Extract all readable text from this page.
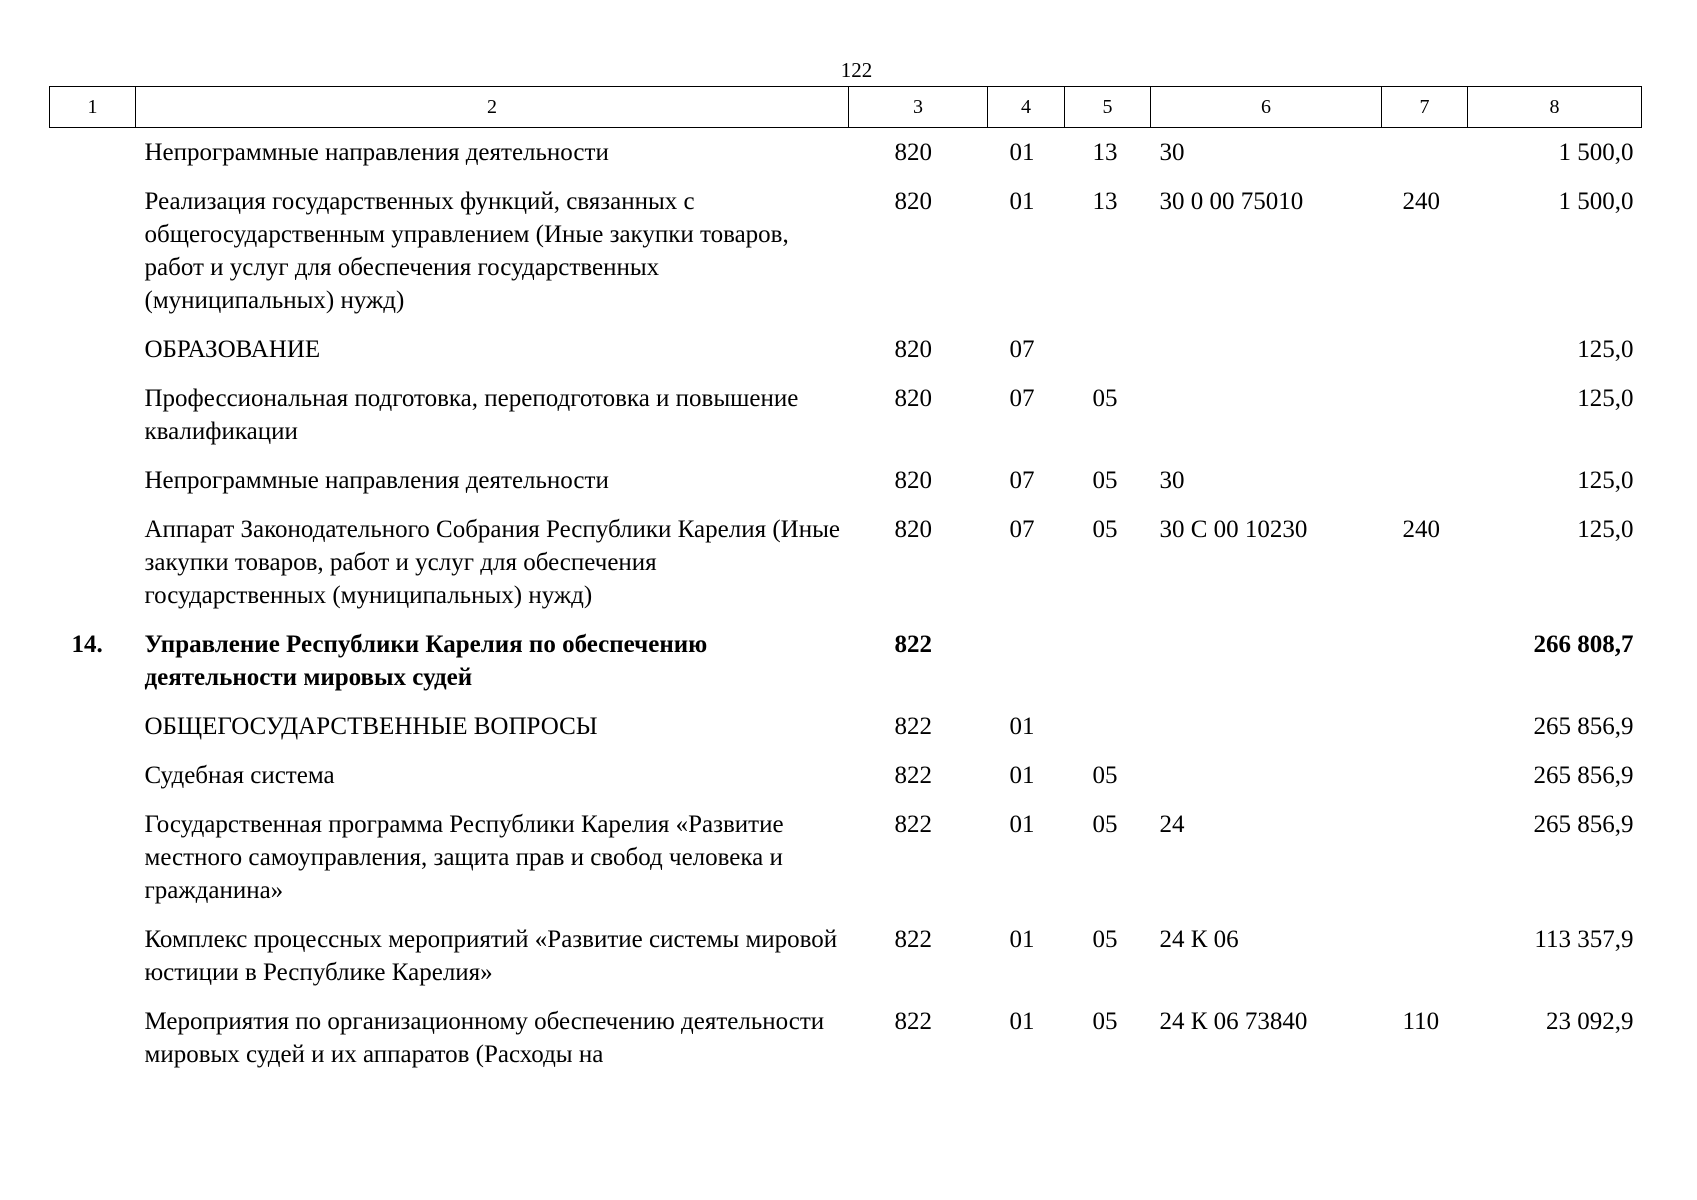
122
1	2	3	4	5	6	7	8
	Непрограммные направления деятельности	820	01	13	30		1 500,0
	Реализация государственных функций, связанных с общегосударственным управлением (Иные закупки товаров, работ и услуг для обеспечения государственных (муниципальных) нужд)	820	01	13	30 0 00 75010	240	1 500,0
	ОБРАЗОВАНИЕ	820	07				125,0
	Профессиональная подготовка, переподготовка и повышение квалификации	820	07	05			125,0
	Непрограммные направления деятельности	820	07	05	30		125,0
	Аппарат Законодательного Собрания Республики Карелия (Иные закупки товаров, работ и услуг для обеспечения государственных (муниципальных) нужд)	820	07	05	30 С 00 10230	240	125,0
14.	Управление Республики Карелия по обеспечению деятельности мировых судей	822					266 808,7
	ОБЩЕГОСУДАРСТВЕННЫЕ ВОПРОСЫ	822	01				265 856,9
	Судебная система	822	01	05			265 856,9
	Государственная программа Республики Карелия «Развитие местного самоуправления, защита прав и свобод человека и гражданина»	822	01	05	24		265 856,9
	Комплекс процессных мероприятий «Развитие системы мировой юстиции в Республике Карелия»	822	01	05	24 К 06		113 357,9
	Мероприятия по организационному обеспечению деятельности мировых судей и их аппаратов (Расходы на	822	01	05	24 К 06 73840	110	23 092,9
